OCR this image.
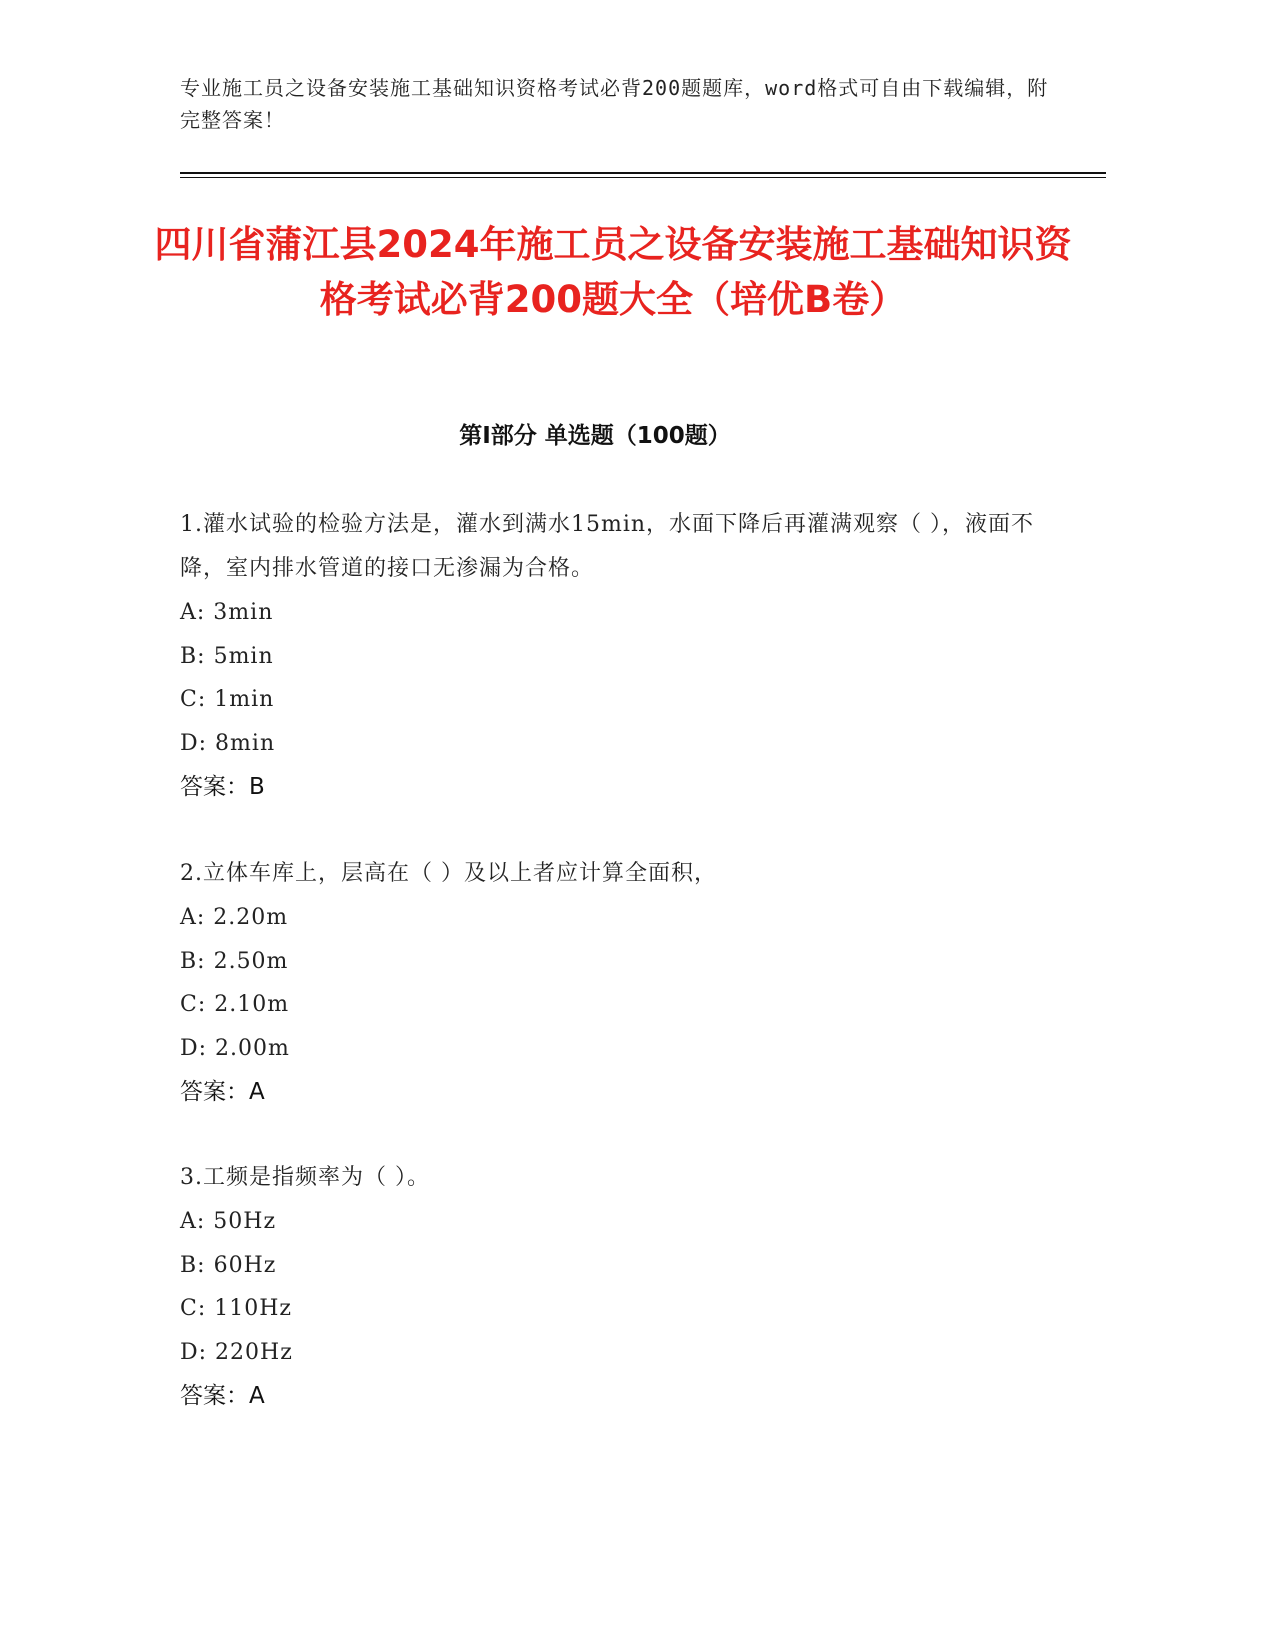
专业施工员之设备安装施工基础知识资格考试必背200题题库，word格式可自由下载编辑，附完整答案！
四川省蒲江县2024年施工员之设备安装施工基础知识资格考试必背200题大全（培优B卷）
第I部分 单选题（100题）
1.灌水试验的检验方法是，灌水到满水15min，水面下降后再灌满观察（ ），液面不降，室内排水管道的接口无渗漏为合格。
A: 3min
B: 5min
C: 1min
D: 8min
答案：B
2.立体车库上，层高在（ ）及以上者应计算全面积，
A: 2.20m
B: 2.50m
C: 2.10m
D: 2.00m
答案：A
3.工频是指频率为（ ）。
A: 50Hz
B: 60Hz
C: 110Hz
D: 220Hz
答案：A
